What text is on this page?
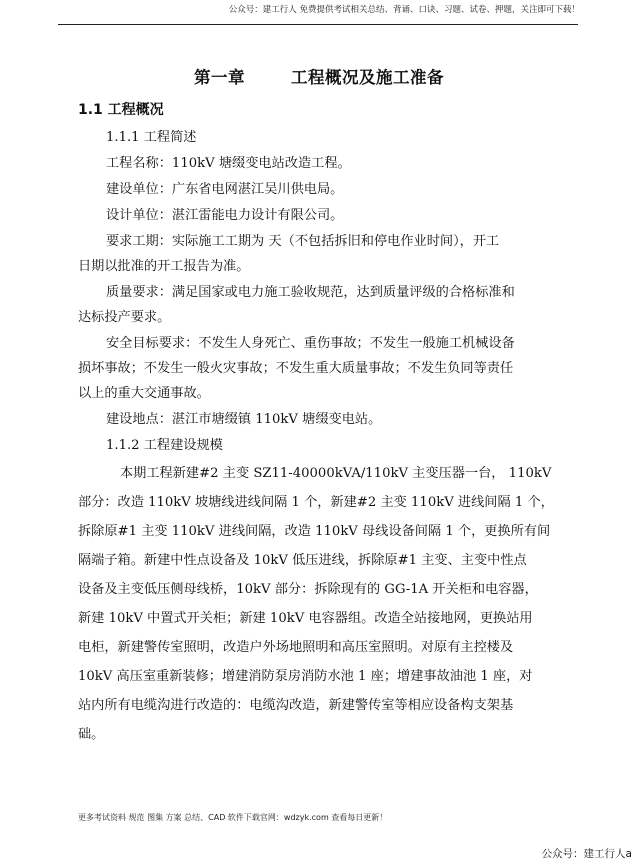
公众号：建工行人 免费提供考试相关总结、背诵、口诀、习题、试卷、押题，关注即可下载！
第一章	工程概况及施工准备
1.1 工程概况
1.1.1 工程简述
工程名称：110kV 塘缀变电站改造工程。
建设单位：广东省电网湛江吴川供电局。
设计单位：湛江雷能电力设计有限公司。
要求工期：实际施工工期为 天（不包括拆旧和停电作业时间），开工
日期以批准的开工报告为准。
质量要求：满足国家或电力施工验收规范，达到质量评级的合格标准和
达标投产要求。
安全目标要求：不发生人身死亡、重伤事故；不发生一般施工机械设备
损坏事故；不发生一般火灾事故；不发生重大质量事故；不发生负同等责任
以上的重大交通事故。
建设地点：湛江市塘缀镇 110kV 塘缀变电站。
1.1.2 工程建设规模
本期工程新建#2 主变 SZ11-40000kVA/110kV 主变压器一台， 110kV
部分：改造 110kV 坡塘线进线间隔 1 个，新建#2 主变 110kV 进线间隔 1 个，
拆除原#1 主变 110kV 进线间隔，改造 110kV 母线设备间隔 1 个，更换所有间
隔端子箱。新建中性点设备及 10kV 低压进线，拆除原#1 主变、主变中性点
设备及主变低压侧母线桥，10kV 部分：拆除现有的 GG-1A 开关柜和电容器，
新建 10kV 中置式开关柜；新建 10kV 电容器组。改造全站接地网，更换站用
电柜，新建警传室照明，改造户外场地照明和高压室照明。对原有主控楼及
10kV 高压室重新装修；增建消防泵房消防水池 1 座；增建事故油池 1 座，对
站内所有电缆沟进行改造的：电缆沟改造，新建警传室等相应设备构支架基
础。
更多考试资料 规范 图集 方案 总结、CAD 软件下载官网：wdzyk.com 查看每日更新！
公众号：建工行人a
